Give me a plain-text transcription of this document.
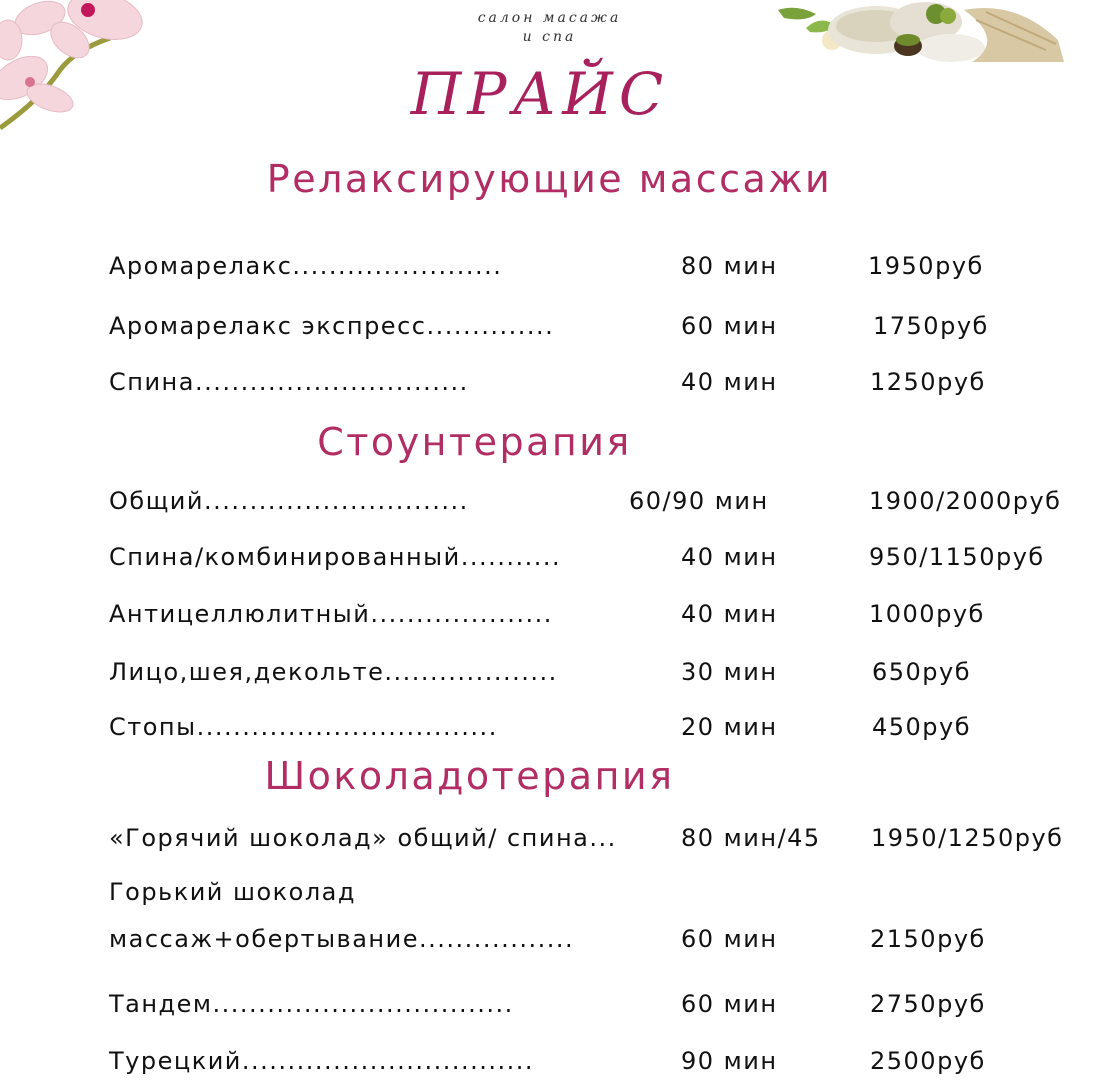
салон масажа
и спа
ПРАЙС
Релаксирующие массажи
Аромарелакс.......................	80 мин	1950руб
Аромарелакс экспресс..............	60 мин	1750руб
Спина..............................	40 мин	1250руб
Стоунтерапия
Общий.............................	60/90 мин	1900/2000руб
Спина/комбинированный...........	40 мин	950/1150руб
Антицеллюлитный....................	40 мин	1000руб
Лицо,шея,декольте...................	30 мин	650руб
Стопы.................................	20 мин	450руб
Шоколадотерапия
«Горячий шоколад» общий/ спина...	80 мин/45 1950/1250руб
Горький шоколад
массаж+обертывание.................	60 мин	2150руб
Тандем.................................	60 мин	2750руб
Турецкий................................	90 мин	2500руб
